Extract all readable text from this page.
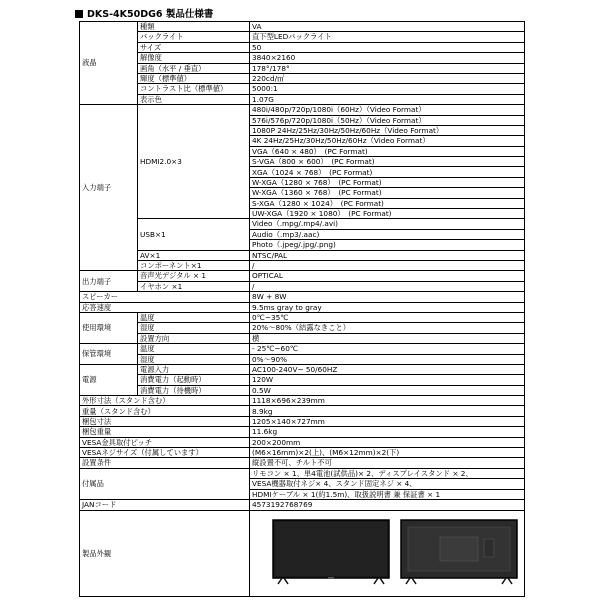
DKS-4K50DG6 製品仕様書
液晶	種類	VA
	バックライト	直下型LEDバックライト
	サイズ	50
	解像度	3840×2160
	画角（水平 / 垂直）	178°/178°
	輝度（標準値）	220cd/㎡
	コントラスト比（標準値）	5000:1
	表示色	1.07G
入力端子	HDMI2.0×3	480i/480p/720p/1080i（60Hz）（Video Format）
		576i/576p/720p/1080i（50Hz）（Video Format）
		1080P 24Hz/25Hz/30Hz/50Hz/60Hz（Video Format）
		4K 24Hz/25Hz/30Hz/50Hz/60Hz（Video Format）
		VGA（640 × 480）　(PC Format)
		S-VGA（800 × 600）　(PC Format)
		XGA（1024 × 768）　(PC Format)
		W-XGA（1280 × 768）　(PC Format)
		W-XGA（1360 × 768）　(PC Format)
		S-XGA（1280 × 1024）　(PC Format)
		UW-XGA（1920 × 1080）　(PC Format)
	USB×1	Video（.mpg/.mp4/.avi)
		Audio（.mp3/.aac)
		Photo（.jpeg/.jpg/.png)
	AV×1	NTSC/PAL
	コンポーネント×1	/
出力端子	音声光デジタル × 1	OPTICAL
	イヤホン ×1	/
スピーカー		8W + 8W
応答速度		9.5ms gray to gray
使用環境	温度	0℃~35℃
	湿度	20%～80%（結露なきこと）
	設置方向	横
保管環境	温度	- 25℃~60℃
	湿度	0%～90%
電源	電源入力	AC100-240V~ 50/60HZ
	消費電力（起動時）	120W
	消費電力（待機時）	0.5W
外形寸法（スタンド含む）		1118×696×239mm
重量（スタンド含む）		8.9kg
梱包寸法		1205×140×727mm
梱包重量		11.6kg
VESA金具取付ピッチ		200×200mm
VESAネジサイズ（付属しています）		(M6×16mm)×2(上)、(M6×12mm)×2(下)
設置条件		縦設置不可、チルト不可
付属品		リモコン × 1、単4電池(試供品)× 2、ディスプレイスタンド × 2、
		VESA機器取付ネジ× 4、スタンド固定ネジ × 4、
		HDMIケーブル × 1(約1.5m)、取扱説明書 兼 保証書 × 1
JANコード		4573192768769
製品外観		
